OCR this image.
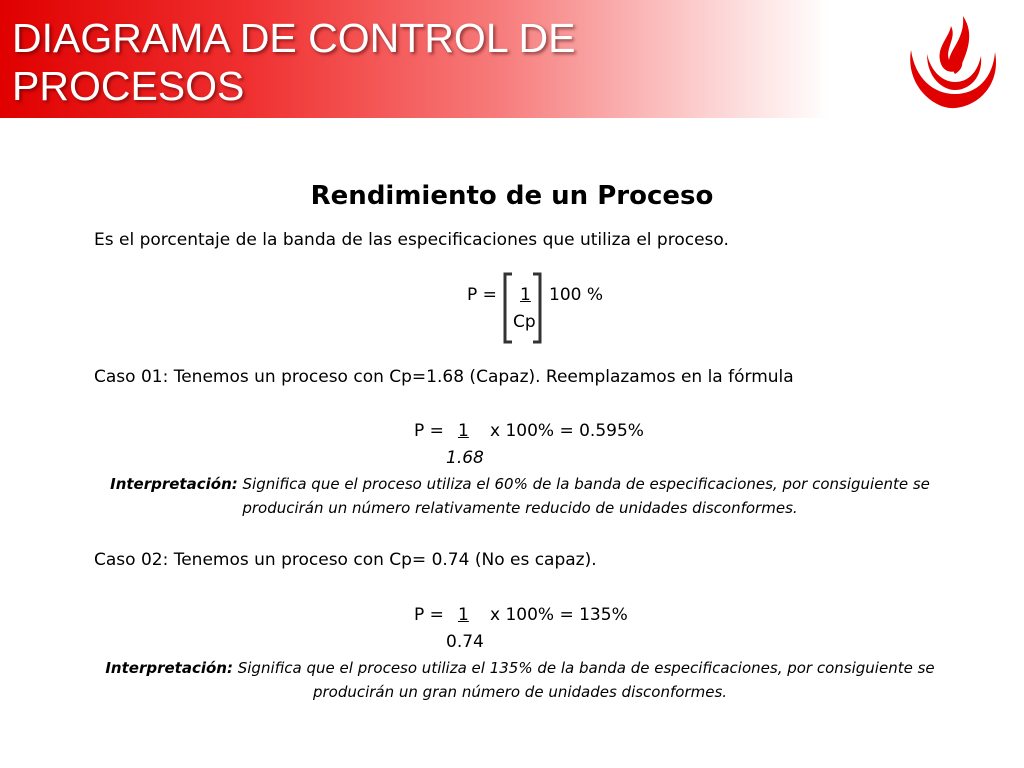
DIAGRAMA DE CONTROL DE
PROCESOS
Rendimiento de un Proceso
Es el porcentaje de la banda de las especificaciones que utiliza el proceso.
P = 1
Cp
100 %
Caso 01: Tenemos un proceso con Cp=1.68 (Capaz). Reemplazamos en la fórmula
P = 1 x 100% = 0.595%
1.68
Interpretación: Significa que el proceso utiliza el 60% de la banda de especificaciones, por consiguiente se producirán un número relativamente reducido de unidades disconformes.
Caso 02: Tenemos un proceso con Cp= 0.74 (No es capaz).
P = 1 x 100% = 135%
0.74
Interpretación: Significa que el proceso utiliza el 135% de la banda de especificaciones, por consiguiente se producirán un gran número de unidades disconformes.
